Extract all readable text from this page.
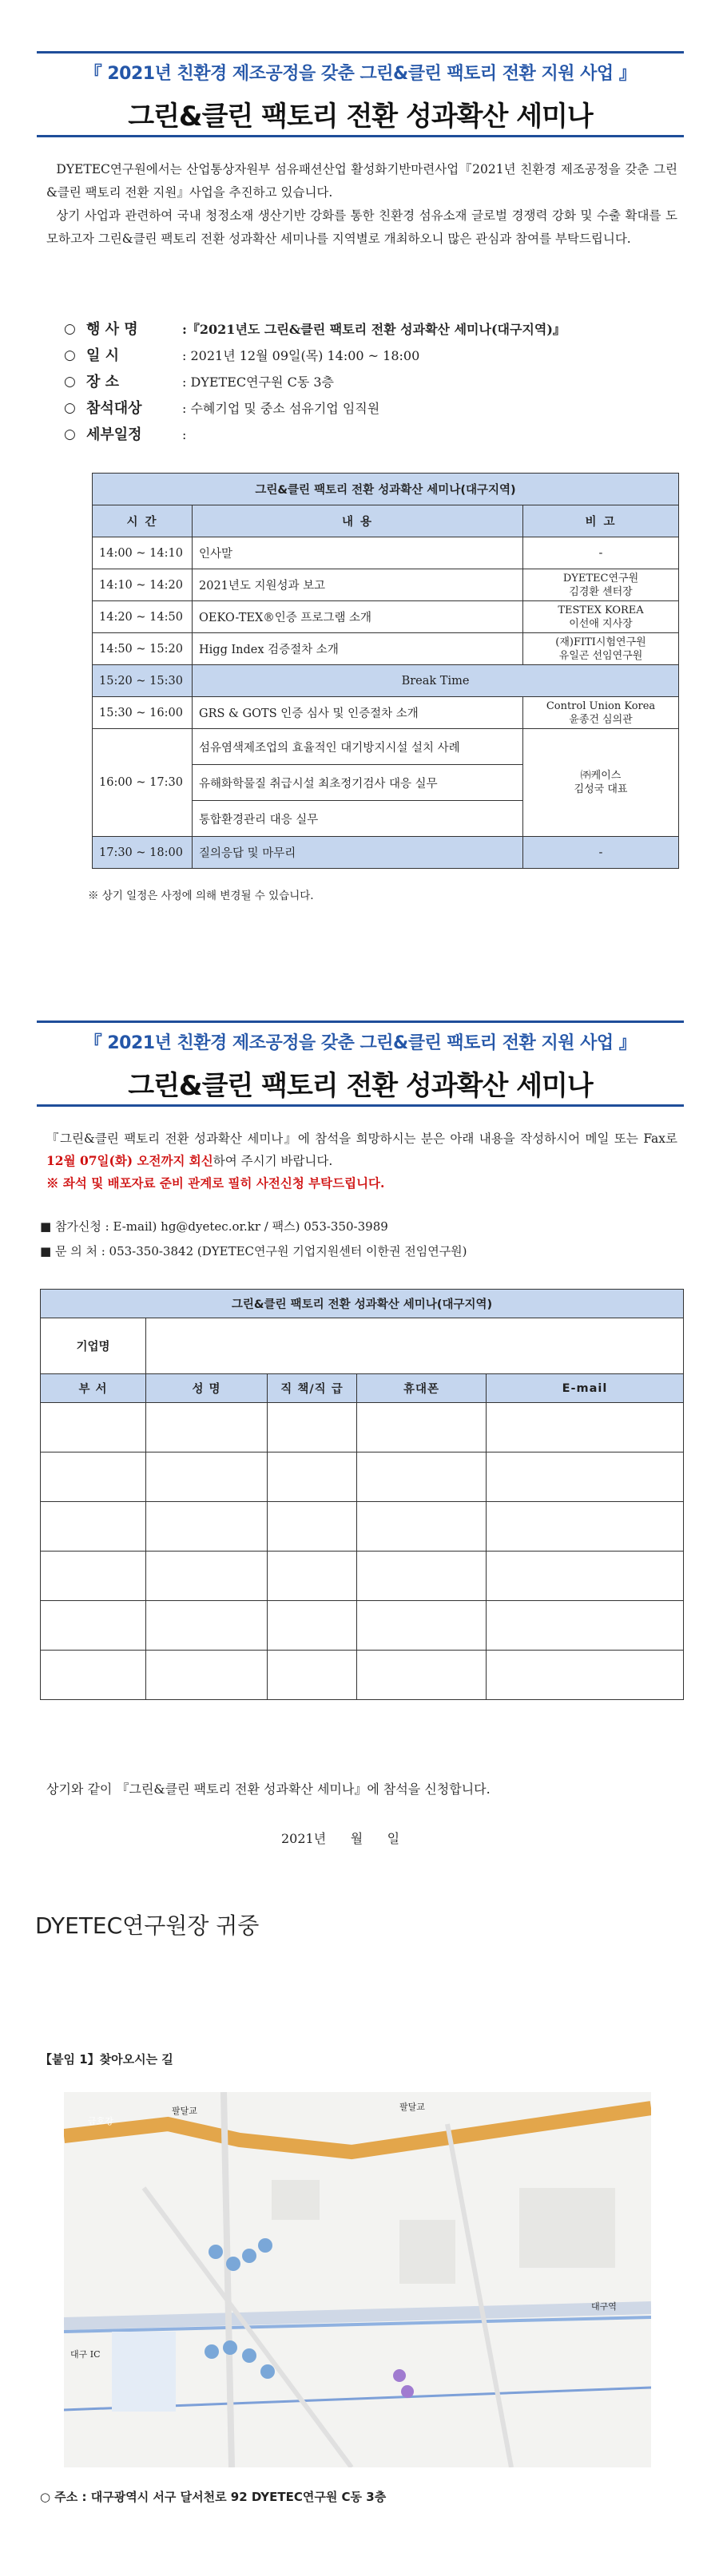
『 2021년 친환경 제조공정을 갖춘 그린&클린 팩토리 전환 지원 사업 』
그린&클린 팩토리 전환 성과확산 세미나

DYETEC연구원에서는 산업통상자원부 섬유패션산업 활성화기반마련사업『2021년 친환경 제조공정을 갖춘 그린&클린 팩토리 전환 지원』사업을 추진하고 있습니다.

상기 사업과 관련하여 국내 청정소재 생산기반 강화를 통한 친환경 섬유소재 글로벌 경쟁력 강화 및 수출 확대를 도모하고자 그린&클린 팩토리 전환 성과확산 세미나를 지역별로 개최하오니 많은 관심과 참여를 부탁드립니다.

○ 행 사 명	:『2021년도 그린&클린 팩토리 전환 성과확산 세미나(대구지역)』
○ 일 시	: 2021년 12월 09일(목) 14:00 ~ 18:00
○ 장 소	: DYETEC연구원 C동 3층
○ 참석대상	: 수혜기업 및 중소 섬유기업 임직원
○ 세부일정	:
그린&클린 팩토리 전환 성과확산 세미나(대구지역)		
시 간	내 용	비 고
14:00 ~ 14:10	인사말	-
14:10 ~ 14:20	2021년도 지원성과 보고	DYETEC연구원
김경환 센터장
14:20 ~ 14:50	OEKO-TEX®인증 프로그램 소개	TESTEX KOREA
이선애 지사장
14:50 ~ 15:20	Higg Index 검증절차 소개	(재)FITI시험연구원
유일곤 선임연구원
15:20 ~ 15:30	Break Time	
15:30 ~ 16:00	GRS & GOTS 인증 심사 및 인증절차 소개	Control Union Korea
윤종건 심의관
16:00 ~ 17:30	섬유염색제조업의 효율적인 대기방지시설 설치 사례	㈜케이스
김성국 대표
	유해화학물질 취급시설 최초정기검사 대응 실무	
	통합환경관리 대응 실무	
17:30 ~ 18:00	질의응답 및 마무리	-
※ 상기 일정은 사정에 의해 변경될 수 있습니다.
『 2021년 친환경 제조공정을 갖춘 그린&클린 팩토리 전환 지원 사업 』
그린&클린 팩토리 전환 성과확산 세미나
『그린&클린 팩토리 전환 성과확산 세미나』에 참석을 희망하시는 분은 아래 내용을 작성하시어 메일 또는 Fax로 12월 07일(화) 오전까지 회신하여 주시기 바랍니다.
※ 좌석 및 배포자료 준비 관계로 필히 사전신청 부탁드립니다.
■ 참가신청 : E-mail) hg@dyetec.or.kr / 팩스) 053-350-3989
■ 문 의 처 : 053-350-3842 (DYETEC연구원 기업지원센터 이한권 전임연구원)
그린&클린 팩토리 전환 성과확산 세미나(대구지역)				
기업명				
부 서	성 명	직 책/직 급	휴대폰	E-mail

상기와 같이 『그린&클린 팩토리 전환 성과확산 세미나』에 참석을 신청합니다.
2021년      월      일
DYETEC연구원장 귀중
【붙임 1】찾아오시는 길
팔달교	팔달교
대구 IC
대구역
금호강
○ 주소 : 대구광역시 서구 달서천로 92 DYETEC연구원 C동 3층
